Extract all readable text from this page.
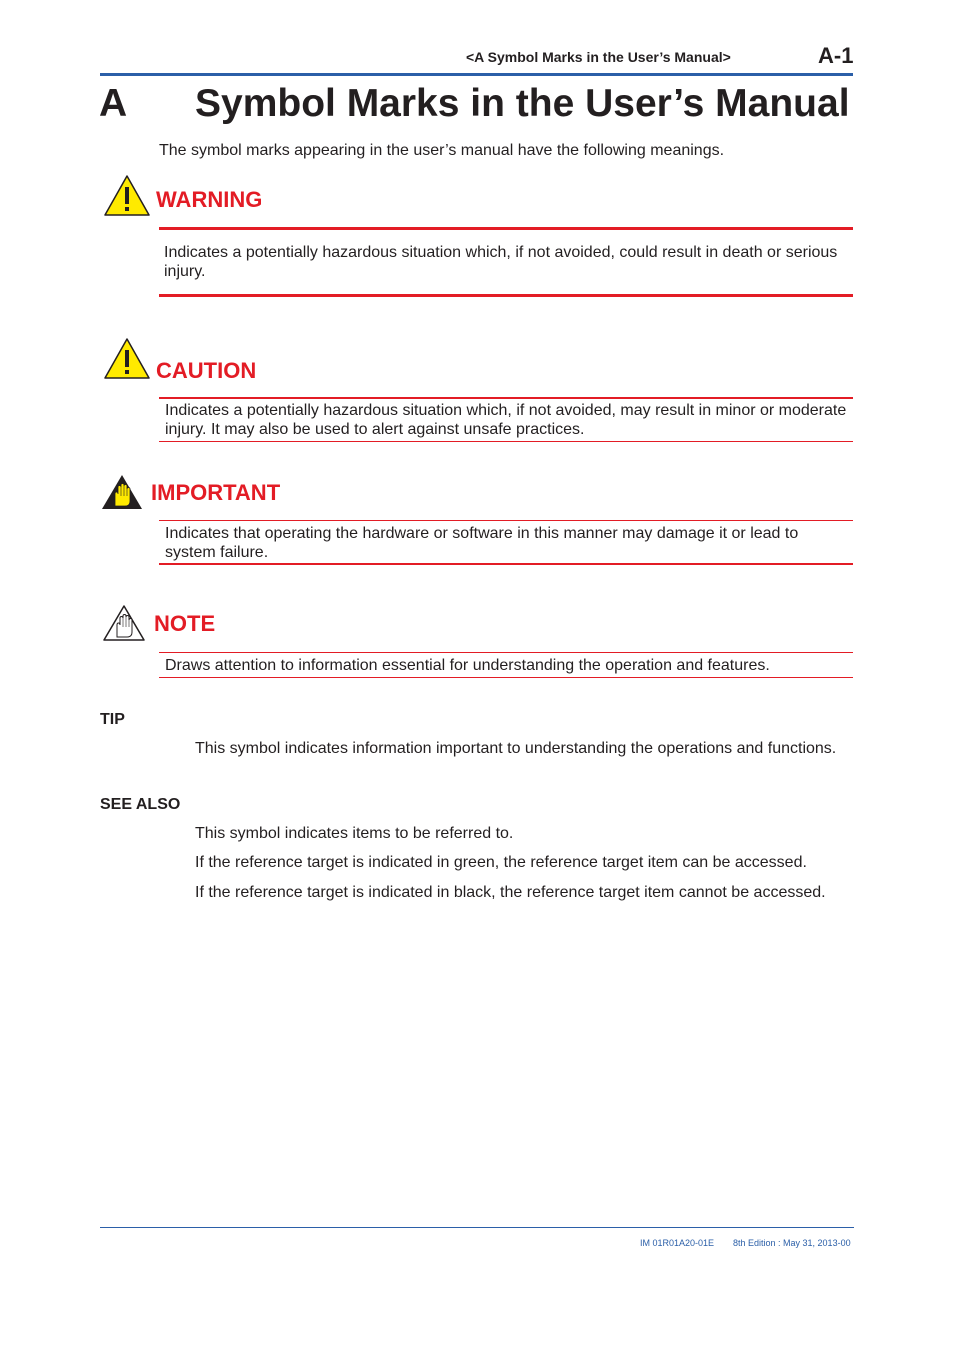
<A Symbol Marks in the User’s Manual>	A-1
A Symbol Marks in the User’s Manual
The symbol marks appearing in the user’s manual have the following meanings.
WARNING
Indicates a potentially hazardous situation which, if not avoided, could result in death or serious injury.
CAUTION
Indicates a potentially hazardous situation which, if not avoided, may result in minor or moderate injury. It may also be used to alert against unsafe practices.
IMPORTANT
Indicates that operating the hardware or software in this manner may damage it or lead to system failure.
NOTE
Draws attention to information essential for understanding the operation and features.
TIP
This symbol indicates information important to understanding the operations and functions.
SEE ALSO
This symbol indicates items to be referred to.
If the reference target is indicated in green, the reference target item can be accessed.
If the reference target is indicated in black, the reference target item cannot be accessed.
IM 01R01A20-01E 8th Edition : May 31, 2013-00
